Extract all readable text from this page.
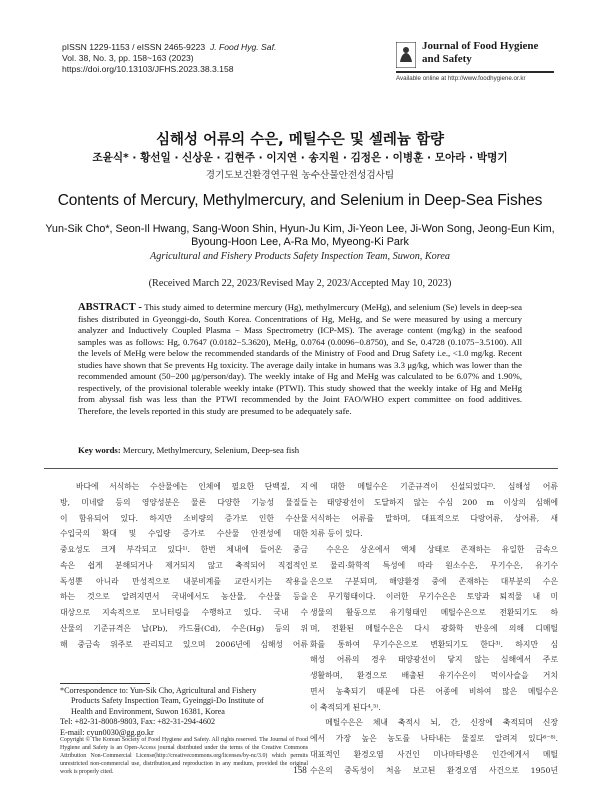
pISSN 1229-1153 / eISSN 2465-9223 J. Food Hyg. Saf.
Vol. 38, No. 3, pp. 158~163 (2023)
https://doi.org/10.13103/JFHS.2023.38.3.158
Journal of Food Hygiene
and Safety
Available online at http://www.foodhygiene.or.kr
심해성 어류의 수은, 메틸수은 및 셀레늄 함량
조윤식* · 황선일 · 신상운 · 김현주 · 이지연 · 송지원 · 김정은 · 이병훈 · 모아라 · 박명기
경기도보건환경연구원 농수산물안전성검사팀
Contents of Mercury, Methylmercury, and Selenium in Deep-Sea Fishes
Yun-Sik Cho*, Seon-Il Hwang, Sang-Woon Shin, Hyun-Ju Kim, Ji-Yeon Lee, Ji-Won Song, Jeong-Eun Kim,
Byoung-Hoon Lee, A-Ra Mo, Myeong-Ki Park
Agricultural and Fishery Products Safety Inspection Team, Suwon, Korea
(Received March 22, 2023/Revised May 2, 2023/Accepted May 10, 2023)
ABSTRACT - This study aimed to determine mercury (Hg), methylmercury (MeHg), and selenium (Se) levels in deep-sea fishes distributed in Gyeonggi-do, South Korea. Concentrations of Hg, MeHg, and Se were measured by using a mercury analyzer and Inductively Coupled Plasma − Mass Spectrometry (ICP-MS). The average content (mg/kg) in the seafood samples was as follows: Hg, 0.7647 (0.0182−5.3620), MeHg, 0.0764 (0.0096−0.8750), and Se, 0.4728 (0.1075−3.5100). All the levels of MeHg were below the recommended standards of the Ministry of Food and Drug Safety i.e., <1.0 mg/kg. Recent studies have shown that Se prevents Hg toxicity. The average daily intake in humans was 3.3 μg/kg, which was lower than the recommended amount (50−200 μg/person/day). The weekly intake of Hg and MeHg was calculated to be 6.07% and 1.90%, respectively, of the provisional tolerable weekly intake (PTWI). This study showed that the weekly intake of Hg and MeHg from abyssal fish was less than the PTWI recommended by the Joint FAO/WHO expert committee on food additives. Therefore, the levels reported in this study are presumed to be adequately safe.
Key words: Mercury, Methylmercury, Selenium, Deep-sea fish
　바다에 서식하는 수산물에는 인체에 필요한 단백질, 지
방, 미네랄 등의 영양성분은 물론 다양한 기능성 물질들
이 함유되어 있다. 하지만 소비량의 증가로 인한 수산물
수입국의 확대 및 수입량 증가로 수산물 안전성에 대한
중요성도 크게 부각되고 있다¹⁾. 한번 체내에 들어온 중금
속은 쉽게 분해되거나 제거되지 않고 축적되어 직접적인
독성뿐 아니라 만성적으로 내분비계를 교란시키는 작용을
하는 것으로 알려지면서 국내에서도 농산물, 수산물 등을
대상으로 지속적으로 모니터링을 수행하고 있다. 국내 수
산물의 기준규격은 납(Pb), 카드뮴(Cd), 수은(Hg) 등의 위
해 중금속 위주로 관리되고 있으며 2006년에 심해성 어류
에 대한 메틸수은 기준규격이 신설되었다²⁾. 심해성 어류
는 태양광선이 도달하지 않는 수심 200 m 이상의 심해에
서식하는 어류를 말하며, 대표적으로 다랑어류, 상어류, 새
치류 등이 있다.
　수은은 상온에서 액체 상태로 존재하는 유일한 금속으
로 물리·화학적 특성에 따라 원소수은, 무기수은, 유기수
은으로 구분되며, 해양환경 중에 존재하는 대부분의 수은
은 무기형태이다. 이러한 무기수은은 토양과 퇴적물 내 미
생물의 활동으로 유기형태인 메틸수은으로 전환되기도 하
며, 전환된 메틸수은은 다시 광화학 반응에 의해 디메틸
화를 통하여 무기수은으로 변환되기도 한다³⁾. 하지만 심
해성 어류의 경우 태양광선이 닿지 않는 심해에서 주로
생활하며, 환경으로 배출된 유기수은이 먹이사슬을 거치
면서 농축되기 때문에 다른 어종에 비하여 많은 메틸수은
이 축적되게 된다⁴,⁵⁾.
　메틸수은은 체내 축적시 뇌, 간, 신장에 축적되며 신장
에서 가장 높은 농도를 나타내는 물질로 알려져 있다⁶⁻⁸⁾.
대표적인 환경오염 사건인 미나마타병은 인간에게서 메틸
수은의 중독성이 처음 보고된 환경오염 사건으로 1950년
*Correspondence to: Yun-Sik Cho, Agricultural and Fishery
Products Safety Inspection Team, Gyeinggi-Do Institute of
Health and Environment, Suwon 16381, Korea
Tel: +82-31-8008-9803, Fax: +82-31-294-4602
E-mail: cyun0030@gg.go.kr
Copyright © The Korean Society of Food Hygiene and Safety. All rights reserved. The Journal of Food Hygiene and Safety is an Open-Access journal distributed under the terms of the Creative Commons Attribution Non-Commercial License(http://creativecommons.org/licenses/by-nc/3.0) which permits unrestricted non-commercial use, distribution,and reproduction in any medium, provided the original work is properly cited.	158
